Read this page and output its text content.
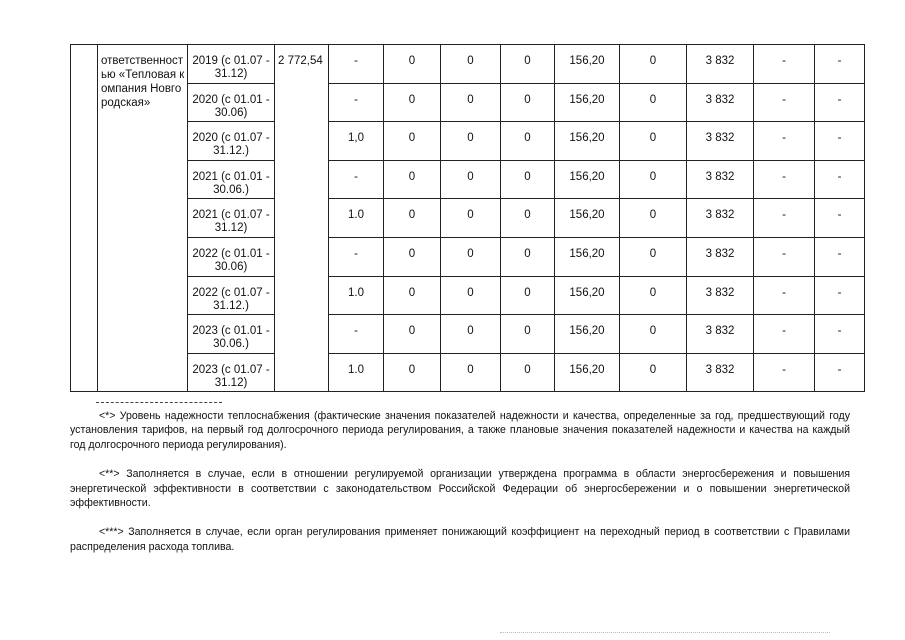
	ответственностью «Тепловая компания Новгородская»	2019 (с 01.07 - 31.12)	2 772,54	-	0	0	0	156,20	0	3 832	-	-
		2020 (с 01.01 - 30.06)		-	0	0	0	156,20	0	3 832	-	-
		2020 (с 01.07 - 31.12.)		1,0	0	0	0	156,20	0	3 832	-	-
		2021 (с 01.01 - 30.06.)		-	0	0	0	156,20	0	3 832	-	-
		2021 (с 01.07 - 31.12)		1.0	0	0	0	156,20	0	3 832	-	-
		2022 (с 01.01 - 30.06)		-	0	0	0	156,20	0	3 832	-	-
		2022 (с 01.07 - 31.12.)		1.0	0	0	0	156,20	0	3 832	-	-
		2023 (с 01.01 - 30.06.)		-	0	0	0	156,20	0	3 832	-	-
		2023 (с 01.07 - 31.12)		1.0	0	0	0	156,20	0	3 832	-	-

<*> Уровень надежности теплоснабжения (фактические значения показателей надежности и качества, определенные за год, предшествующий году установления тарифов, на первый год долгосрочного периода регулирования, а также плановые значения показателей надежности и качества на каждый год долгосрочного периода регулирования).

<**> Заполняется в случае, если в отношении регулируемой организации утверждена программа в области энергосбережения и повышения энергетической эффективности в соответствии с законодательством Российской Федерации об энергосбережении и о повышении энергетической эффективности.

<***> Заполняется в случае, если орган регулирования применяет понижающий коэффициент на переходный период в соответствии с Правилами распределения расхода топлива.
